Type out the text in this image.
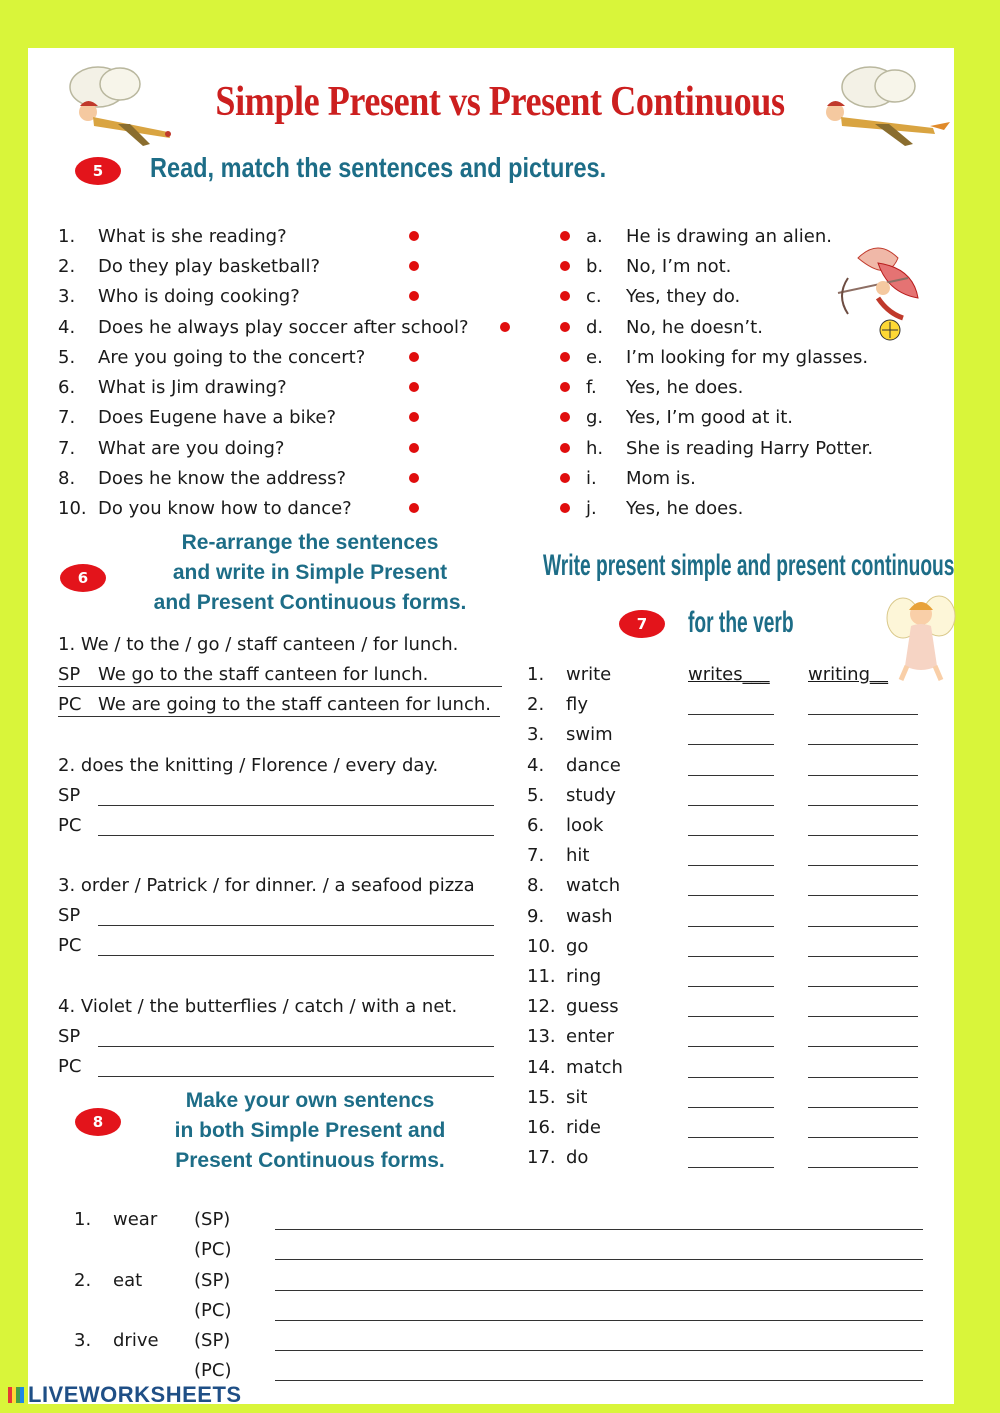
Simple Present vs Present Continuous
5	Read, match the sentences and pictures.
1. What is she reading?
2. Do they play basketball?
3. Who is doing cooking?
4. Does he always play soccer after school?
5. Are you going to the concert?
6. What is Jim drawing?
7. Does Eugene have a bike?
7. What are you doing?
8. Does he know the address?
10. Do you know how to dance?
a. He is drawing an alien.
b. No, I’m not.
c. Yes, they do.
d. No, he doesn’t.
e. I’m looking for my glasses.
f. Yes, he does.
g. Yes, I’m good at it.
h. She is reading Harry Potter.
i. Mom is.
j. Yes, he does.
6
Re-arrange the sentences
and write in Simple Present
and Present Continuous forms.
1. We / to the / go / staff canteen / for lunch.
SP
PC
We go to the staff canteen for lunch.
We are going to the staff canteen for lunch.
2. does the knitting / Florence / every day.
SP
PC
3. order / Patrick / for dinner. / a seafood pizza
SP
PC
4. Violet / the butterflies / catch / with a net.
SP
PC
Write present simple and present continuous
7	for the verb
1. write	writes___ writing__
2. fly
3. swim
4. dance
5. study
6. look
7. hit
8. watch
9. wash
10. go
11. ring
12. guess
13. enter
14. match
15. sit
16. ride
17. do
8
Make your own sentencs
in both Simple Present and
Present Continuous forms.
1. wear (SP)
(PC)
2. eat	(SP)
(PC)
3. drive (SP)
(PC)
LIVEWORKSHEETS
